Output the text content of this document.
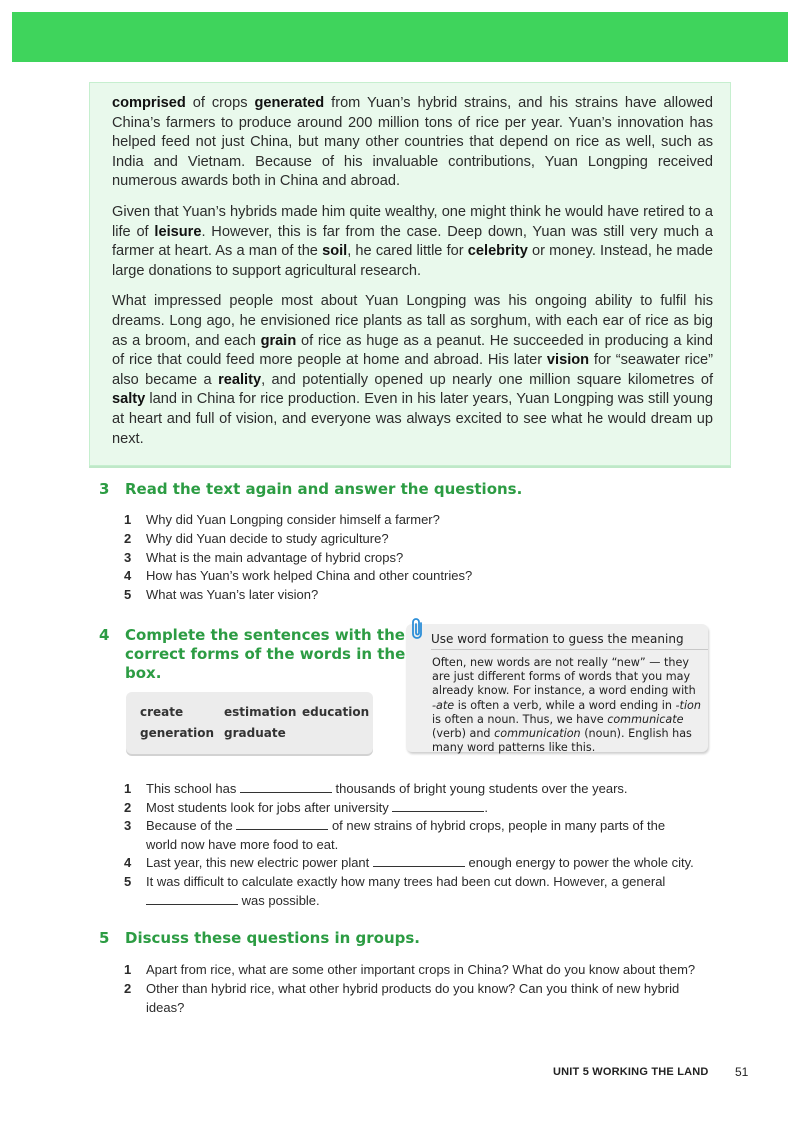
comprised of crops generated from Yuan’s hybrid strains, and his strains have allowed China’s farmers to produce around 200 million tons of rice per year. Yuan’s innovation has helped feed not just China, but many other countries that depend on rice as well, such as India and Vietnam. Because of his invaluable contributions, Yuan Longping received numerous awards both in China and abroad.

Given that Yuan’s hybrids made him quite wealthy, one might think he would have retired to a life of leisure. However, this is far from the case. Deep down, Yuan was still very much a farmer at heart. As a man of the soil, he cared little for celebrity or money. Instead, he made large donations to support agricultural research.

What impressed people most about Yuan Longping was his ongoing ability to fulfil his dreams. Long ago, he envisioned rice plants as tall as sorghum, with each ear of rice as big as a broom, and each grain of rice as huge as a peanut. He succeeded in producing a kind of rice that could feed more people at home and abroad. His later vision for “seawater rice” also became a reality, and potentially opened up nearly one million square kilometres of salty land in China for rice production. Even in his later years, Yuan Longping was still young at heart and full of vision, and everyone was always excited to see what he would dream up next.

3 Read the text again and answer the questions.
1	Why did Yuan Longping consider himself a farmer?
2	Why did Yuan decide to study agriculture?
3	What is the main advantage of hybrid crops?
4	How has Yuan’s work helped China and other countries?
5	What was Yuan’s later vision?
4 Complete the sentences with the
correct forms of the words in the
box.
create	estimation education
generation graduate
Use word formation to guess the meaning
Often, new words are not really “new” — they are just different forms of words that you may already know. For instance, a word ending with -ate is often a verb, while a word ending in -tion is often a noun. Thus, we have communicate (verb) and communication (noun). English has many word patterns like this.
1	This school has	thousands of bright young students over the years.
2	Most students look for jobs after university	.
3	Because of the	of new strains of hybrid crops, people in many parts of the
world now have more food to eat.
4	Last year, this new electric power plant	enough energy to power the whole city.
5	It was difficult to calculate exactly how many trees had been cut down. However, a general
was possible.
5 Discuss these questions in groups.
1	Apart from rice, what are some other important crops in China? What do you know about them?
2	Other than hybrid rice, what other hybrid products do you know? Can you think of new hybrid ideas?
UNIT 5 WORKING THE LAND 51
